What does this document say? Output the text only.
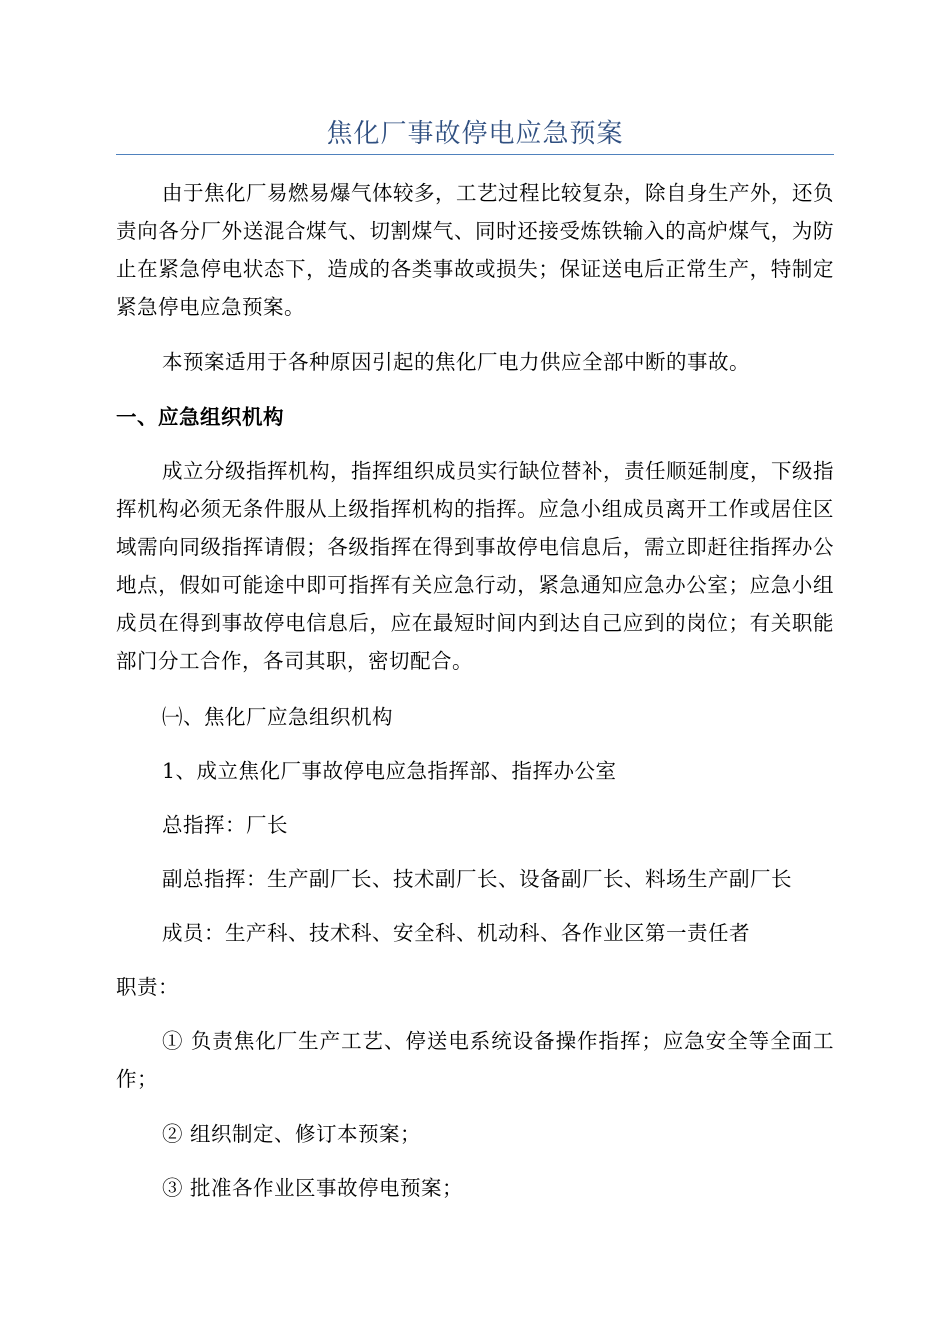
焦化厂事故停电应急预案

由于焦化厂易燃易爆气体较多，工艺过程比较复杂，除自身生产外，还负责向各分厂外送混合煤气、切割煤气、同时还接受炼铁输入的高炉煤气，为防止在紧急停电状态下，造成的各类事故或损失；保证送电后正常生产，特制定紧急停电应急预案。

本预案适用于各种原因引起的焦化厂电力供应全部中断的事故。

一、应急组织机构

成立分级指挥机构，指挥组织成员实行缺位替补，责任顺延制度，下级指挥机构必须无条件服从上级指挥机构的指挥。应急小组成员离开工作或居住区域需向同级指挥请假；各级指挥在得到事故停电信息后，需立即赶往指挥办公地点，假如可能途中即可指挥有关应急行动，紧急通知应急办公室；应急小组成员在得到事故停电信息后，应在最短时间内到达自己应到的岗位；有关职能部门分工合作，各司其职，密切配合。

㈠、焦化厂应急组织机构

1、成立焦化厂事故停电应急指挥部、指挥办公室

总指挥：厂长

副总指挥：生产副厂长、技术副厂长、设备副厂长、料场生产副厂长

成员：生产科、技术科、安全科、机动科、各作业区第一责任者

职责：

① 负责焦化厂生产工艺、停送电系统设备操作指挥；应急安全等全面工作；

② 组织制定、修订本预案；

③ 批准各作业区事故停电预案；
